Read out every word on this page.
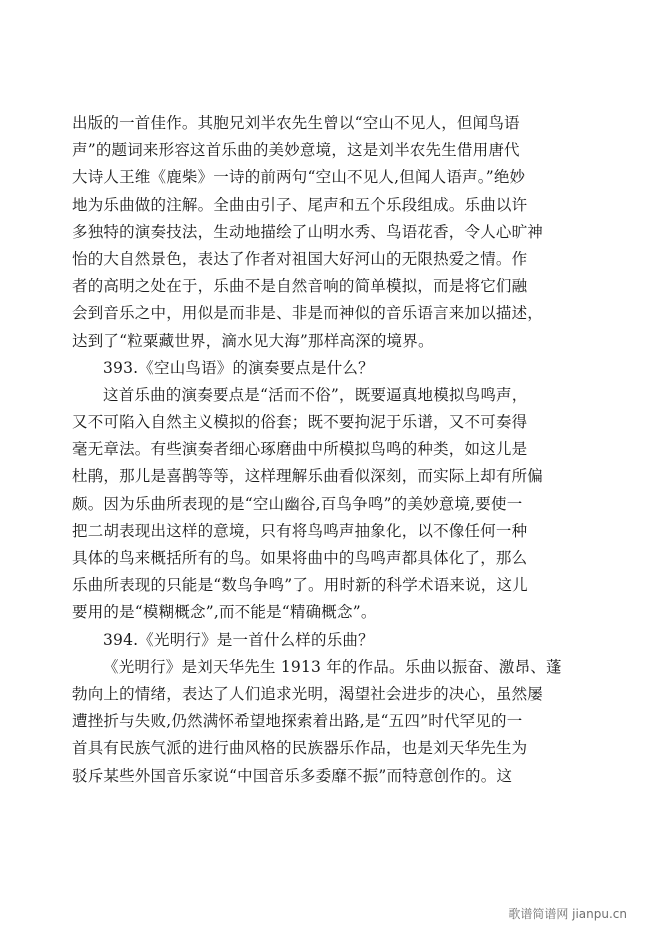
出版的一首佳作。其胞兄刘半农先生曾以“空山不见人，但闻鸟语
声”的题词来形容这首乐曲的美妙意境，这是刘半农先生借用唐代
大诗人王维《鹿柴》一诗的前两句“空山不见人,但闻人语声。”绝妙
地为乐曲做的注解。全曲由引子、尾声和五个乐段组成。乐曲以许
多独特的演奏技法，生动地描绘了山明水秀、鸟语花香，令人心旷神
怡的大自然景色，表达了作者对祖国大好河山的无限热爱之情。作
者的高明之处在于，乐曲不是自然音响的简单模拟，而是将它们融
会到音乐之中，用似是而非是、非是而神似的音乐语言来加以描述，
达到了“粒粟藏世界，滴水见大海”那样高深的境界。
393.《空山鸟语》的演奏要点是什么？
这首乐曲的演奏要点是“活而不俗”，既要逼真地模拟鸟鸣声，
又不可陷入自然主义模拟的俗套；既不要拘泥于乐谱，又不可奏得
毫无章法。有些演奏者细心琢磨曲中所模拟鸟鸣的种类，如这儿是
杜鹃，那儿是喜鹊等等，这样理解乐曲看似深刻，而实际上却有所偏
颇。因为乐曲所表现的是“空山幽谷,百鸟争鸣”的美妙意境,要使一
把二胡表现出这样的意境，只有将鸟鸣声抽象化，以不像任何一种
具体的鸟来概括所有的鸟。如果将曲中的鸟鸣声都具体化了，那么
乐曲所表现的只能是“数鸟争鸣”了。用时新的科学术语来说，这儿
要用的是“模糊概念”,而不能是“精确概念”。
394.《光明行》是一首什么样的乐曲？
《光明行》是刘天华先生 1913 年的作品。乐曲以振奋、激昂、蓬
勃向上的情绪，表达了人们追求光明，渴望社会进步的决心，虽然屡
遭挫折与失败,仍然满怀希望地探索着出路,是“五四”时代罕见的一
首具有民族气派的进行曲风格的民族器乐作品，也是刘天华先生为
驳斥某些外国音乐家说“中国音乐多委靡不振”而特意创作的。这
歌谱简谱网 jianpu.cn
